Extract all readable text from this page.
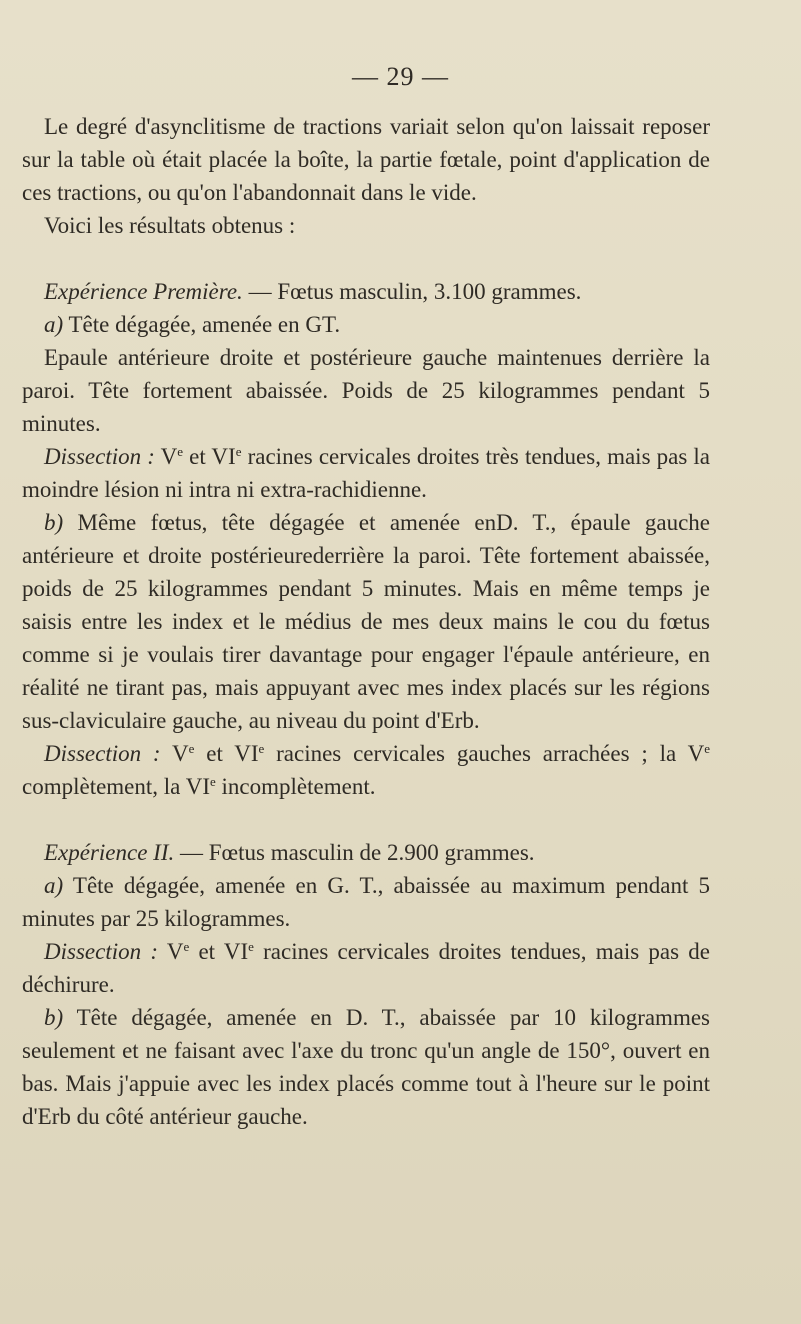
— 29 —

Le degré d'asynclitisme de tractions variait selon qu'on laissait reposer sur la table où était placée la boîte, la partie fœtale, point d'application de ces tractions, ou qu'on l'abandonnait dans le vide.

Voici les résultats obtenus :

Expérience Première. — Fœtus masculin, 3.100 grammes.

a) Tête dégagée, amenée en GT.

Epaule antérieure droite et postérieure gauche maintenues derrière la paroi. Tête fortement abaissée. Poids de 25 kilogrammes pendant 5 minutes.

Dissection : Ve et VIe racines cervicales droites très tendues, mais pas la moindre lésion ni intra ni extra-rachidienne.

b) Même fœtus, tête dégagée et amenée enD. T., épaule gauche antérieure et droite postérieurederrière la paroi. Tête fortement abaissée, poids de 25 kilogrammes pendant 5 minutes. Mais en même temps je saisis entre les index et le médius de mes deux mains le cou du fœtus comme si je voulais tirer davantage pour engager l'épaule antérieure, en réalité ne tirant pas, mais appuyant avec mes index placés sur les régions sus-claviculaire gauche, au niveau du point d'Erb.

Dissection : Ve et VIe racines cervicales gauches arrachées ; la Ve complètement, la VIe incomplètement.

Expérience II. — Fœtus masculin de 2.900 grammes.

a) Tête dégagée, amenée en G. T., abaissée au maximum pendant 5 minutes par 25 kilogrammes.

Dissection : Ve et VIe racines cervicales droites tendues, mais pas de déchirure.

b) Tête dégagée, amenée en D. T., abaissée par 10 kilogrammes seulement et ne faisant avec l'axe du tronc qu'un angle de 150°, ouvert en bas. Mais j'appuie avec les index placés comme tout à l'heure sur le point d'Erb du côté antérieur gauche.
